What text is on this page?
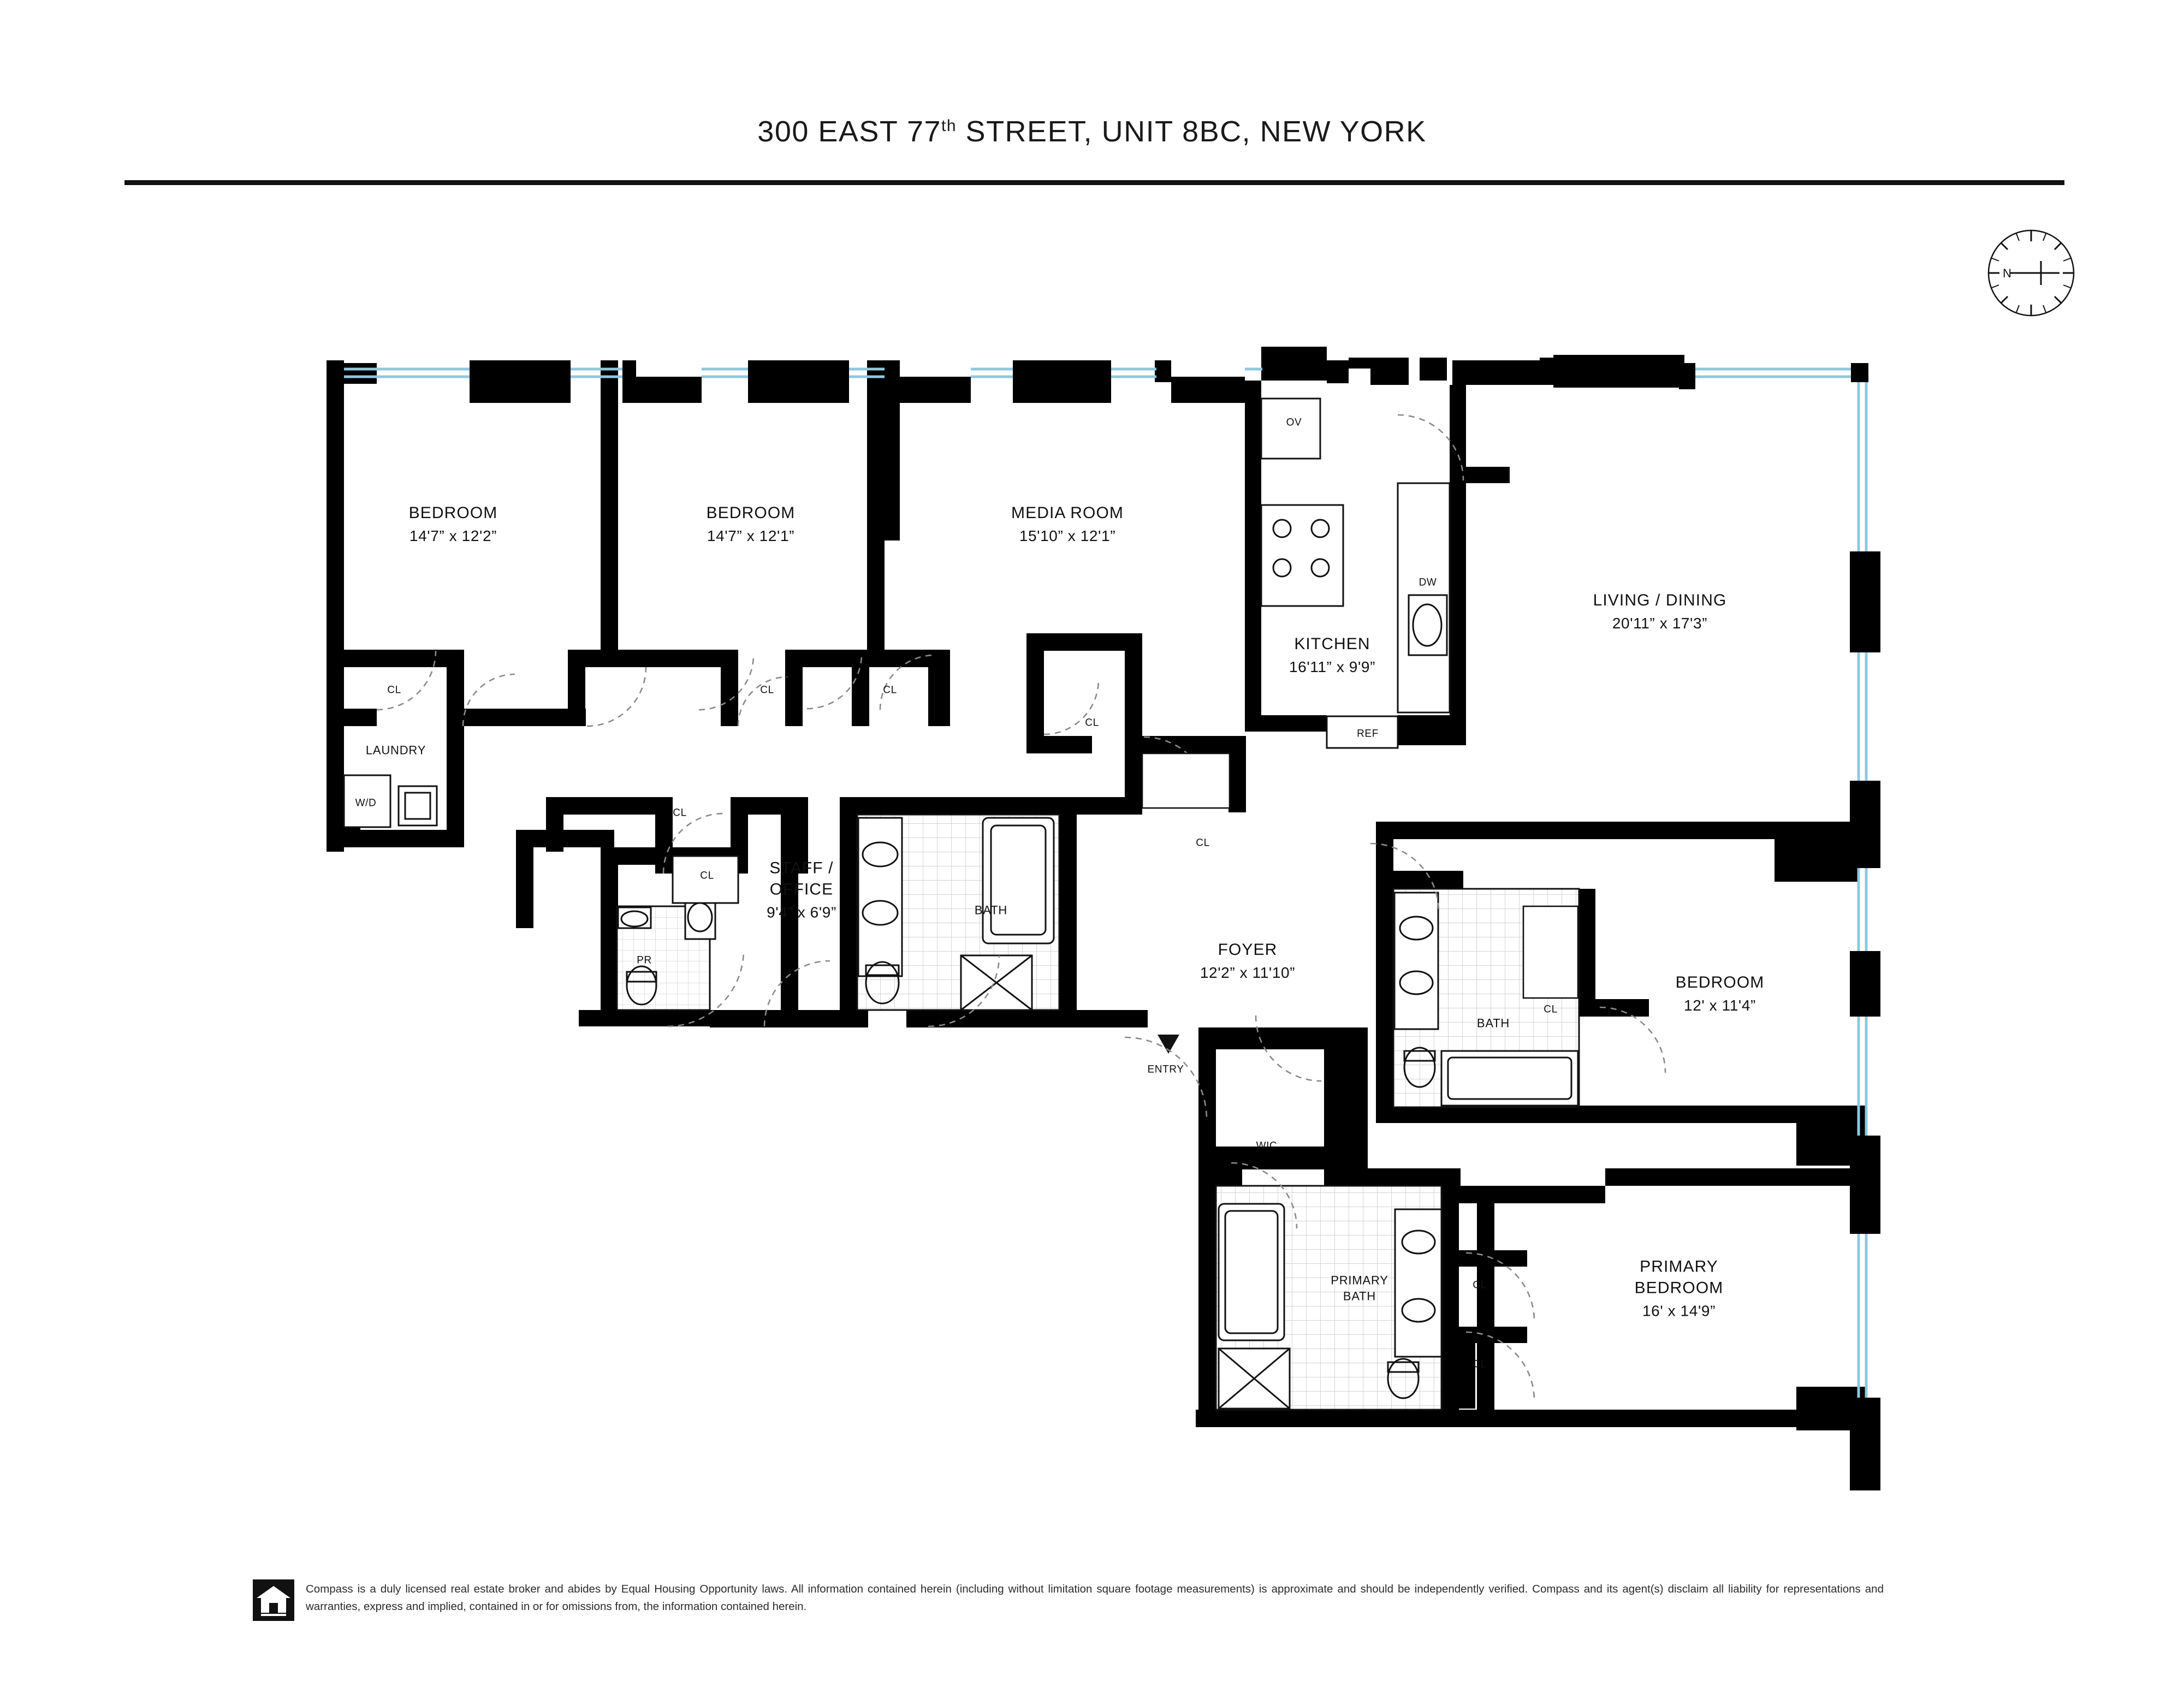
300 EAST 77th STREET, UNIT 8BC, NEW YORK
N
BEDROOM
14'7” x 12'2”
BEDROOM
14'7” x 12'1”
MEDIA ROOM
15'10” x 12'1”
KITCHEN
16'11” x 9'9”
LIVING / DINING
20'11” x 17'3”
STAFF /
OFFICE
9'4” x 6'9”
FOYER
12'2” x 11'10”
BEDROOM
12' x 11'4”
PRIMARY
BEDROOM
16' x 14'9”
CL	CL	CL
CL
CL
CL
CL
CL
CL
CL
LAUNDRY
W/D
PR
BATH
BATH
PRIMARY
BATH
WIC
ENTRY
OV
DW
REF
Compass is a duly licensed real estate broker and abides by Equal Housing Opportunity laws. All information contained herein (including without limitation square footage measurements) is approximate and should be independently verified. Compass and its agent(s) disclaim all liability for representations and warranties, express and implied, contained in or for omissions from, the information contained herein.
